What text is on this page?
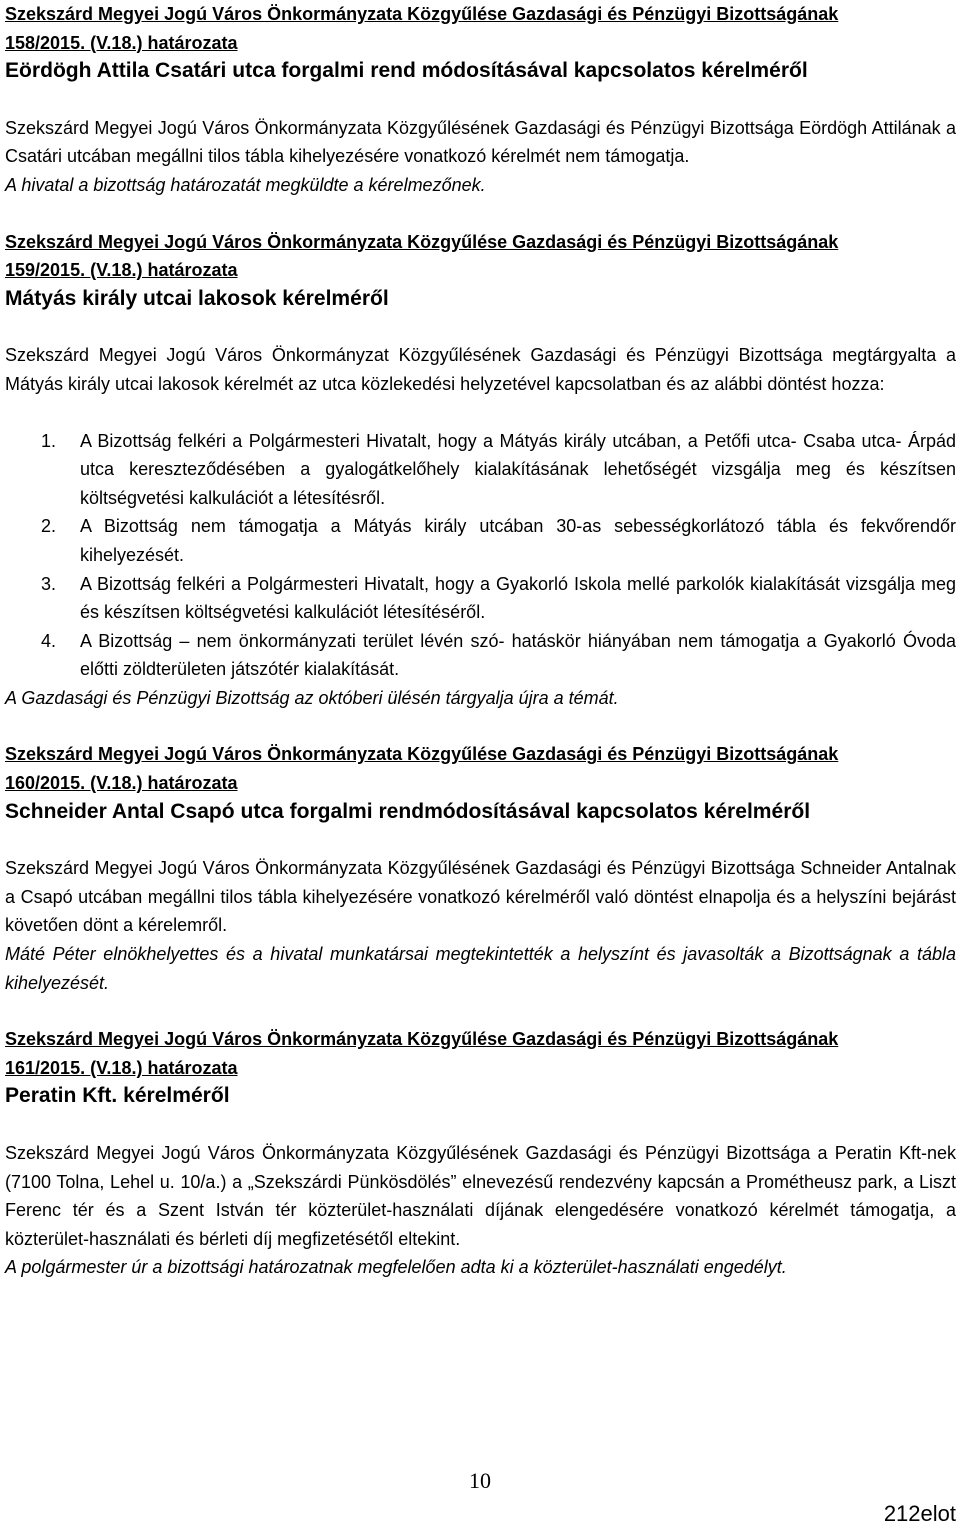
Szekszárd Megyei Jogú Város Önkormányzata Közgyűlése Gazdasági és Pénzügyi Bizottságának
158/2015. (V.18.) határozata
Eördögh Attila Csatári utca forgalmi rend módosításával kapcsolatos kérelméről

Szekszárd Megyei Jogú Város Önkormányzata Közgyűlésének Gazdasági és Pénzügyi Bizottsága Eördögh Attilának a Csatári utcában megállni tilos tábla kihelyezésére vonatkozó kérelmét nem támogatja.

A hivatal a bizottság határozatát megküldte a kérelmezőnek.

Szekszárd Megyei Jogú Város Önkormányzata Közgyűlése Gazdasági és Pénzügyi Bizottságának
159/2015. (V.18.) határozata
Mátyás király utcai lakosok kérelméről

Szekszárd Megyei Jogú Város Önkormányzat Közgyűlésének Gazdasági és Pénzügyi Bizottsága megtárgyalta a Mátyás király utcai lakosok kérelmét az utca közlekedési helyzetével kapcsolatban és az alábbi döntést hozza:

1. A Bizottság felkéri a Polgármesteri Hivatalt, hogy a Mátyás király utcában, a Petőfi utca- Csaba utca- Árpád utca kereszteződésében a gyalogátkelőhely kialakításának lehetőségét vizsgálja meg és készítsen költségvetési kalkulációt a létesítésről.
2. A Bizottság nem támogatja a Mátyás király utcában 30-as sebességkorlátozó tábla és fekvőrendőr kihelyezését.
3. A Bizottság felkéri a Polgármesteri Hivatalt, hogy a Gyakorló Iskola mellé parkolók kialakítását vizsgálja meg és készítsen költségvetési kalkulációt létesítéséről.
4. A Bizottság – nem önkormányzati terület lévén szó- hatáskör hiányában nem támogatja a Gyakorló Óvoda előtti zöldterületen játszótér kialakítását.

A Gazdasági és Pénzügyi Bizottság az októberi ülésén tárgyalja újra a témát.

Szekszárd Megyei Jogú Város Önkormányzata Közgyűlése Gazdasági és Pénzügyi Bizottságának
160/2015. (V.18.) határozata
Schneider Antal Csapó utca forgalmi rendmódosításával kapcsolatos kérelméről

Szekszárd Megyei Jogú Város Önkormányzata Közgyűlésének Gazdasági és Pénzügyi Bizottsága Schneider Antalnak a Csapó utcában megállni tilos tábla kihelyezésére vonatkozó kérelméről való döntést elnapolja és a helyszíni bejárást követően dönt a kérelemről.

Máté Péter elnökhelyettes és a hivatal munkatársai megtekintették a helyszínt és javasolták a Bizottságnak a tábla kihelyezését.

Szekszárd Megyei Jogú Város Önkormányzata Közgyűlése Gazdasági és Pénzügyi Bizottságának
161/2015. (V.18.) határozata
Peratin Kft. kérelméről

Szekszárd Megyei Jogú Város Önkormányzata Közgyűlésének Gazdasági és Pénzügyi Bizottsága a Peratin Kft-nek (7100 Tolna, Lehel u. 10/a.) a „Szekszárdi Pünkösdölés” elnevezésű rendezvény kapcsán a Prométheusz park, a Liszt Ferenc tér és a Szent István tér közterület-használati díjának elengedésére vonatkozó kérelmét támogatja, a közterület-használati és bérleti díj megfizetésétől eltekint.

A polgármester úr a bizottsági határozatnak megfelelően adta ki a közterület-használati engedélyt.

10
212elot
